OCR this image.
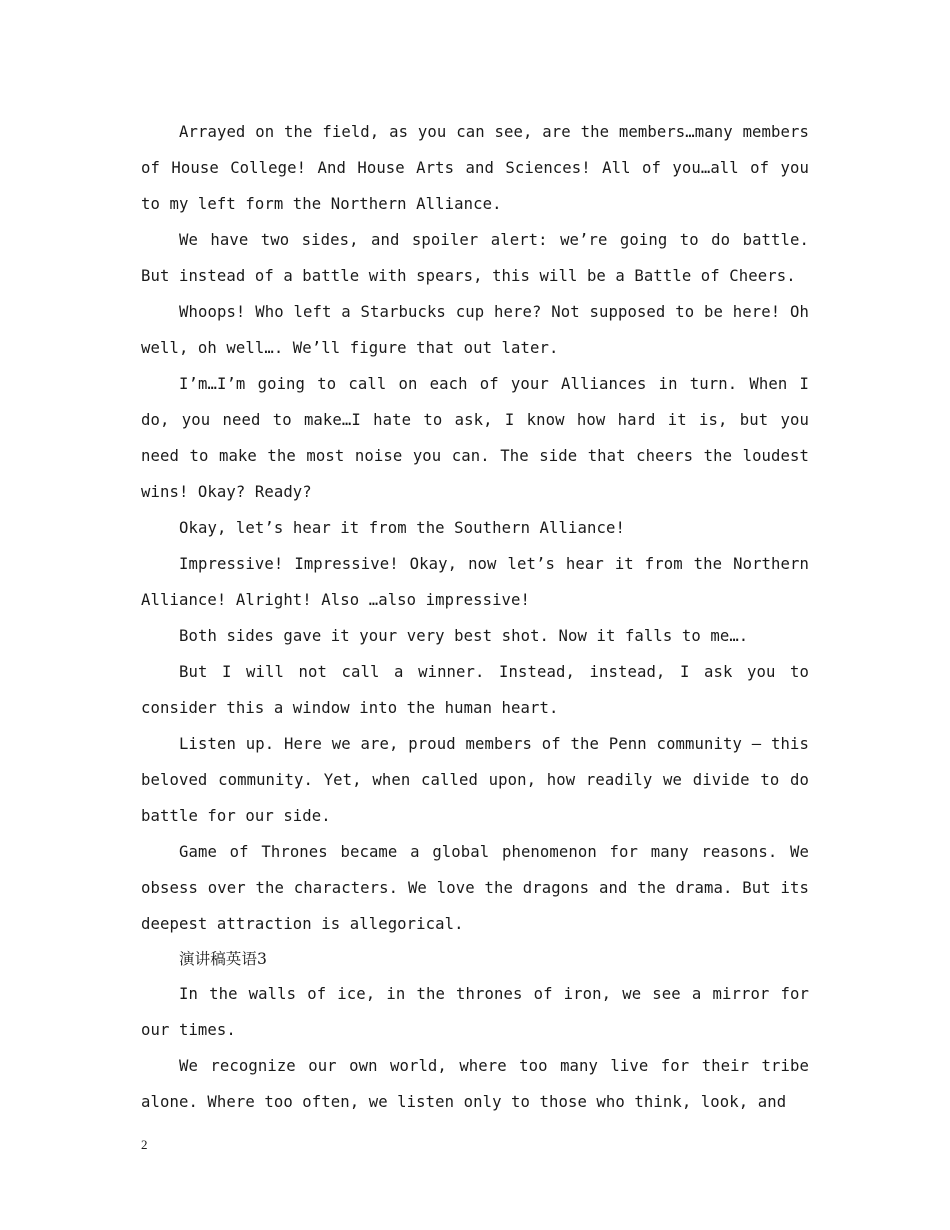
Arrayed on the field, as you can see, are the members…many members of House College! And House Arts and Sciences! All of you…all of you to my left form the Northern Alliance.

We have two sides, and spoiler alert: we’re going to do battle. But instead of a battle with spears, this will be a Battle of Cheers.

Whoops! Who left a Starbucks cup here? Not supposed to be here! Oh well, oh well…. We’ll figure that out later.

I’m…I’m going to call on each of your Alliances in turn. When I do, you need to make…I hate to ask, I know how hard it is, but you need to make the most noise you can. The side that cheers the loudest wins! Okay? Ready?

Okay, let’s hear it from the Southern Alliance!

Impressive! Impressive! Okay, now let’s hear it from the Northern Alliance! Alright! Also …also impressive!

Both sides gave it your very best shot. Now it falls to me….

But I will not call a winner. Instead, instead, I ask you to consider this a window into the human heart.

Listen up. Here we are, proud members of the Penn community – this beloved community. Yet, when called upon, how readily we divide to do battle for our side.

Game of Thrones became a global phenomenon for many reasons. We obsess over the characters. We love the dragons and the drama. But its deepest attraction is allegorical.

演讲稿英语3

In the walls of ice, in the thrones of iron, we see a mirror for our times.

We recognize our own world, where too many live for their tribe alone. Where too often, we listen only to those who think, look, and

2
